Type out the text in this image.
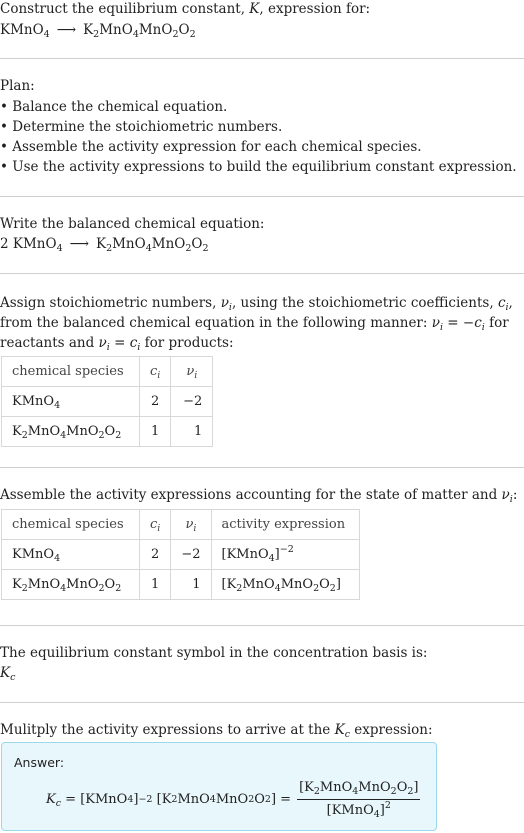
Construct the equilibrium constant, K, expression for:

KMnO$_4$ ⟶ $K_2MnO_4MnO_2O_2$

Plan:

• Balance the chemical equation.

• Determine the stoichiometric numbers.

• Assemble the activity expression for each chemical species.

• Use the activity expressions to build the equilibrium constant expression.

Write the balanced chemical equation:

2 KMnO$_4$ ⟶ $K_2MnO_4MnO_2O_2$

Assign stoichiometric numbers, $\nu_i$, using the stoichiometric coefficients, $c_i$, from the balanced chemical equation in the following manner: $\nu_i = -c_i$ for reactants and $\nu_i = c_i$ for products:

chemical species	$c_i$	$\nu_i$
KMnO$_4$	2	−2
$K_2MnO_4MnO_2O_2$	1	1

Assemble the activity expressions accounting for the state of matter and $\nu_i$:

chemical species	$c_i$	$\nu_i$	activity expression
KMnO$_4$	2	−2	[KMnO$_4$]$^{-2}$
$K_2MnO_4MnO_2O_2$	1	1	$[K_2MnO_4MnO_2O_2]$

The equilibrium constant symbol in the concentration basis is:

$K_c$

Mulitply the activity expressions to arrive at the $K_c$ expression:

Answer:
$K_c$ = [KMnO 4 ] −2 [K 2 MnO 4 MnO 2 O 2 ] = $\frac{[K_2MnO_4MnO_2O_2]}{[KMnO_4]^2}$
